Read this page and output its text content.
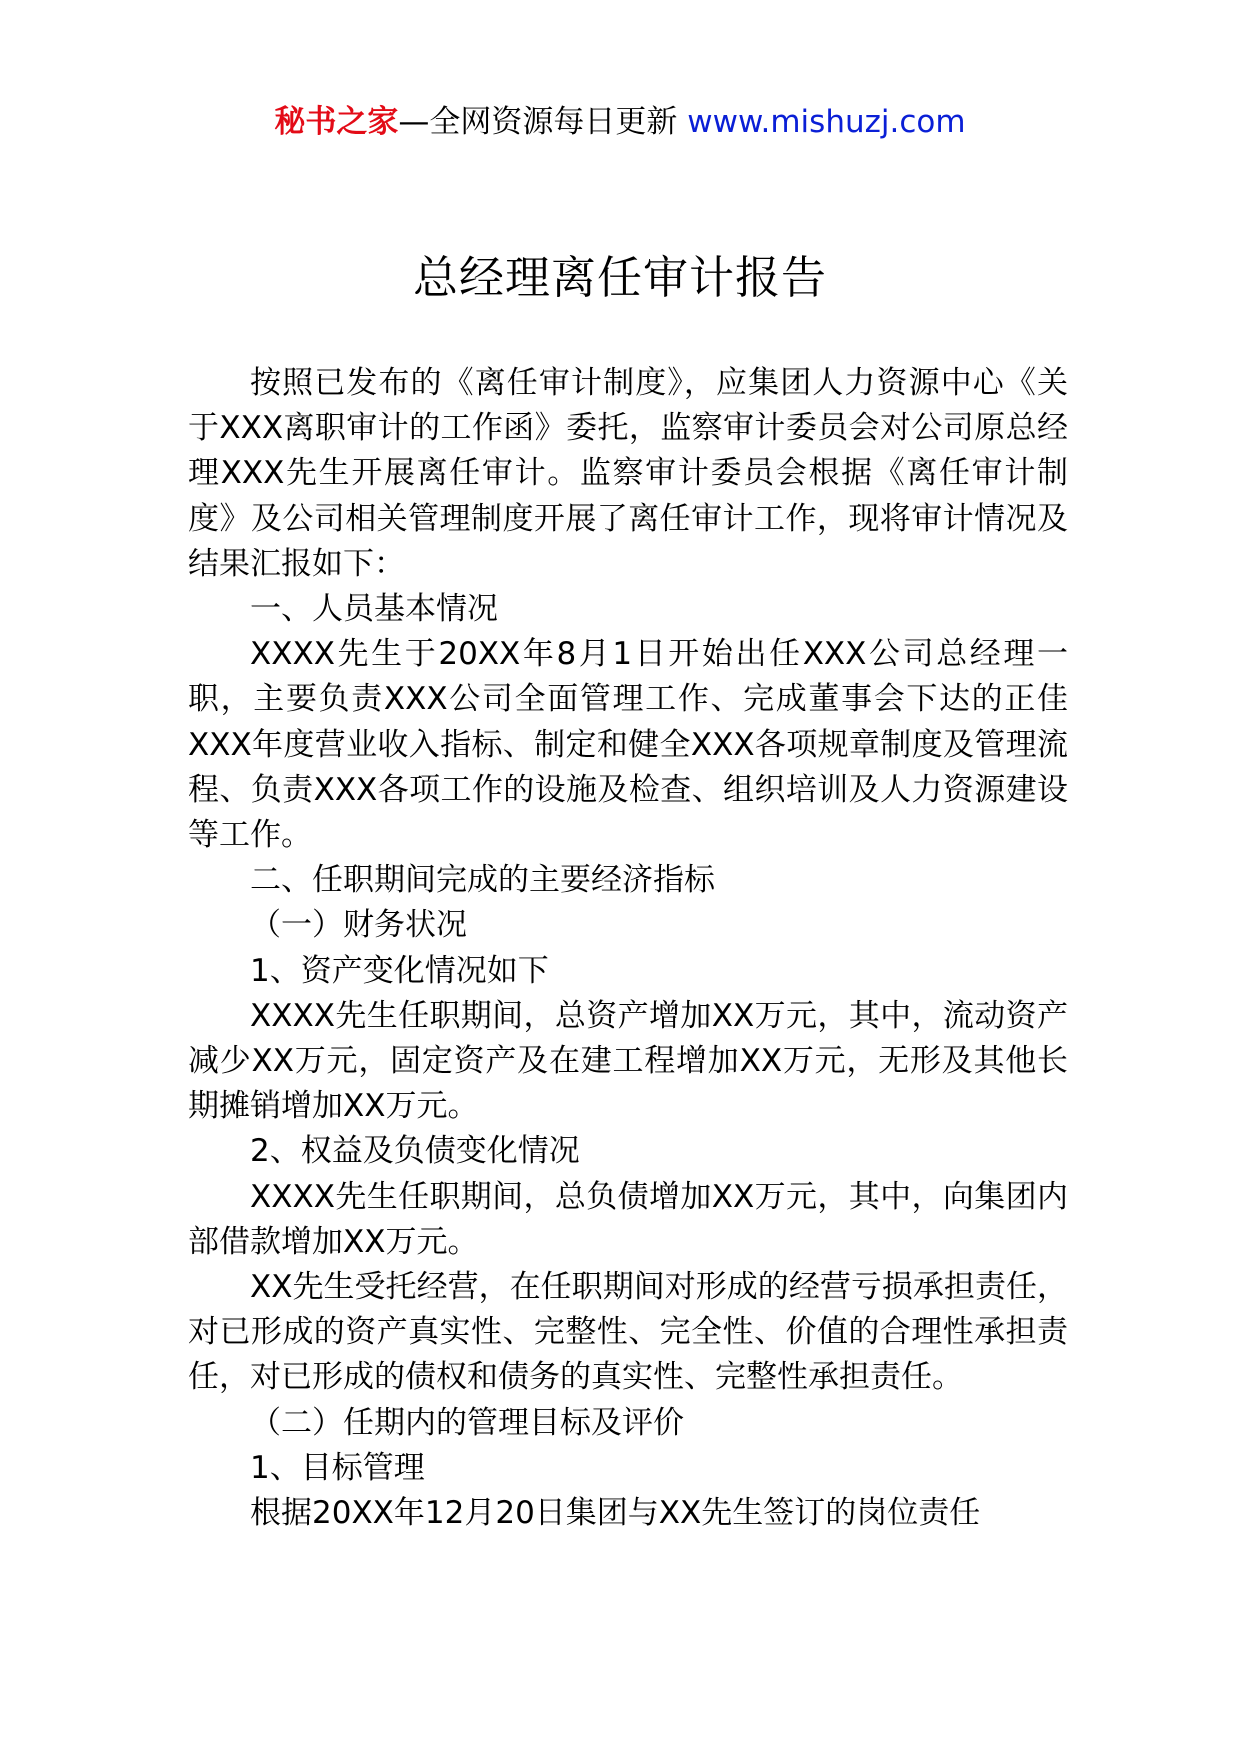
秘书之家—全网资源每日更新 www.mishuzj.com
总经理离任审计报告

按照已发布的《离任审计制度》，应集团人力资源中心《关于XXX离职审计的工作函》委托，监察审计委员会对公司原总经理XXX先生开展离任审计。监察审计委员会根据《离任审计制度》及公司相关管理制度开展了离任审计工作，现将审计情况及结果汇报如下：

一、人员基本情况

XXXX先生于20XX年8月1日开始出任XXX公司总经理一职，主要负责XXX公司全面管理工作、完成董事会下达的正佳XXX年度营业收入指标、制定和健全XXX各项规章制度及管理流程、负责XXX各项工作的设施及检查、组织培训及人力资源建设等工作。

二、任职期间完成的主要经济指标

（一）财务状况

1、资产变化情况如下

XXXX先生任职期间，总资产增加XX万元，其中，流动资产减少XX万元，固定资产及在建工程增加XX万元，无形及其他长期摊销增加XX万元。

2、权益及负债变化情况

XXXX先生任职期间，总负债增加XX万元，其中，向集团内部借款增加XX万元。

XX先生受托经营，在任职期间对形成的经营亏损承担责任，对已形成的资产真实性、完整性、完全性、价值的合理性承担责任，对已形成的债权和债务的真实性、完整性承担责任。

（二）任期内的管理目标及评价

1、目标管理

根据20XX年12月20日集团与XX先生签订的岗位责任
